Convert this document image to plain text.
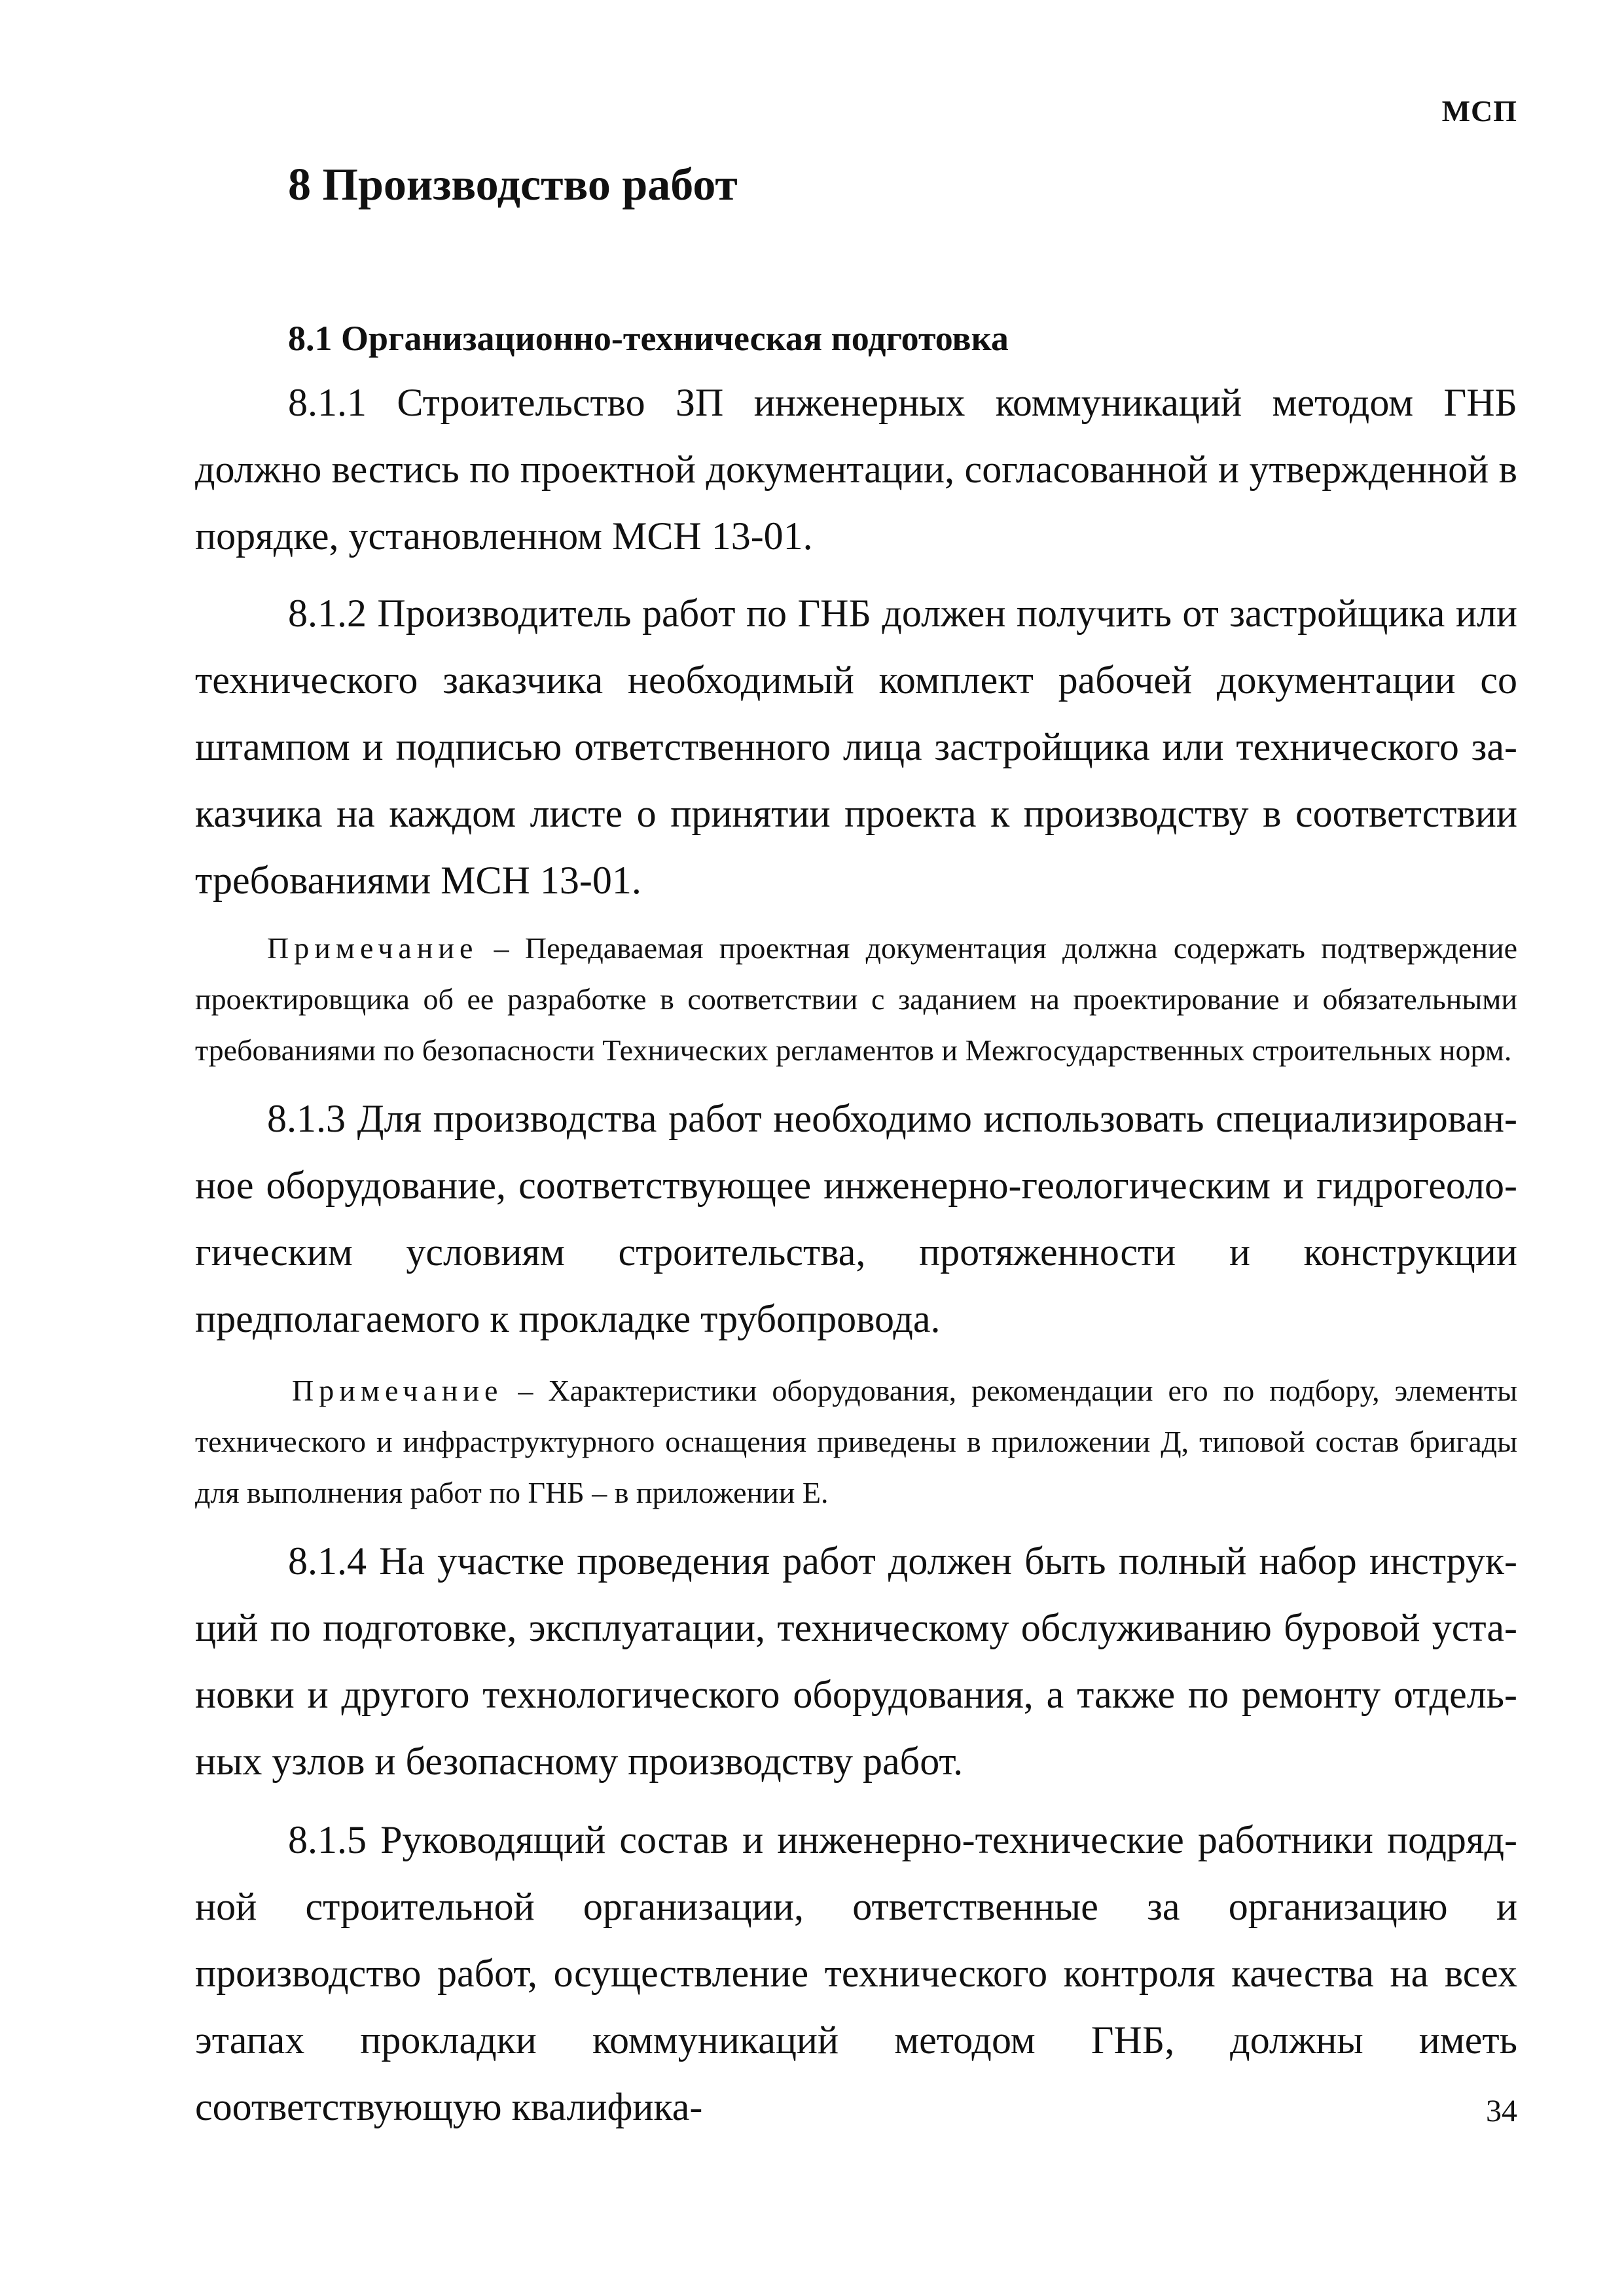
МСП
8 Производство работ
8.1 Организационно-техническая подготовка

8.1.1 Строительство ЗП инженерных коммуникаций методом ГНБ должно вестись по проектной документации, согласованной и утвержденной в порядке, установленном МСН 13-01.

8.1.2 Производитель работ по ГНБ должен получить от застройщика или технического заказчика необходимый комплект рабочей документации со штампом и подписью ответственного лица застройщика или технического заказчика на каждом листе о принятии проекта к производству в соответствии требованиями МСН 13-01.

Примечание – Передаваемая проектная документация должна содержать подтверждение проектировщика об ее разработке в соответствии с заданием на проектирование и обязательными требованиями по безопасности Технических регламентов и Межгосударственных строительных норм.

8.1.3 Для производства работ необходимо использовать специализированное оборудование, соответствующее инженерно-геологическим и гидрогеологическим условиям строительства, протяженности и конструкции предполагаемого к прокладке трубопровода.

Примечание – Характеристики оборудования, рекомендации его по подбору, элементы технического и инфраструктурного оснащения приведены в приложении Д, типовой состав бригады для выполнения работ по ГНБ – в приложении Е.

8.1.4 На участке проведения работ должен быть полный набор инструкций по подготовке, эксплуатации, техническому обслуживанию буровой установки и другого технологического оборудования, а также по ремонту отдельных узлов и безопасному производству работ.

8.1.5 Руководящий состав и инженерно-технические работники подрядной строительной организации, ответственные за организацию и производство работ, осуществление технического контроля качества на всех этапах прокладки коммуникаций методом ГНБ, должны иметь соответствующую квалифика-	34
